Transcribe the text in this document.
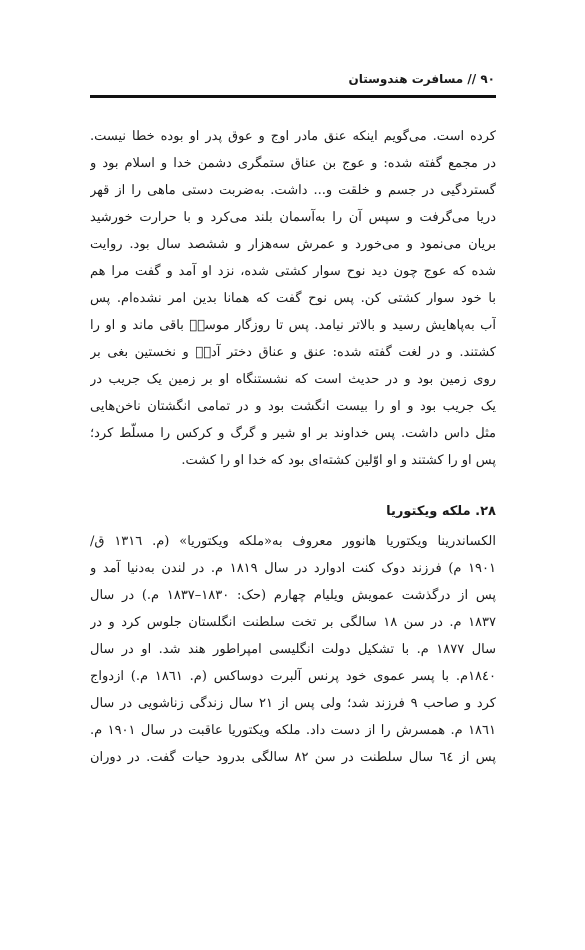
۹۰ // مسافرت هندوستان
کرده است. می‌گویم اینکه عنق مادر اوج و عوق پدر او بوده خطا نیست.
در مجمع گفته شده: و عوج بن عناق ستمگری دشمن خدا و اسلام بود و
گستردگیی در جسم و خلقت و... داشت. به‌ضربت دستی ماهی را از قهر
دریا می‌گرفت و سپس آن را به‌آسمان بلند می‌کرد و با حرارت خورشید
بریان می‌نمود و می‌خورد و عمرش سه‌هزار و ششصد سال بود. روایت
شده که عوج چون دید نوح سوار کشتی شده، نزد او آمد و گفت مرا هم
با خود سوار کشتی کن. پس نوح گفت که همانا بدین امر نشده‌ام. پس
آب به‌پاهایش رسید و بالاتر نیامد. پس تا روزگار موسیؑ باقی ماند و او را
کشتند. و در لغت گفته شده: عنق و عناق دختر آدمؑ و نخستین بغی بر
روی زمین بود و در حدیث است که نشستنگاه او بر زمین یک جریب در
یک جریب بود و او را بیست انگشت بود و در تمامی انگشتان ناخن‌هایی
مثل داس داشت. پس خداوند بر او شیر و گرگ و کرکس را مسلّط کرد؛
پس او را کشتند و او اوّلین کشته‌ای بود که خدا او را کشت.
۲۸. ملکه ویکتوریا
الکساندرینا ویکتوریا هانوور معروف به«ملکه ویکتوریا» (م. ۱۳۱٦ ق/
۱۹۰۱ م) فرزند دوک کنت ادوارد در سال ۱۸۱۹ م. در لندن به‌دنیا آمد و
پس از درگذشت عمویش ویلیام چهارم (حک: ۱۸۳۰–۱۸۳۷ م.) در سال
۱۸۳۷ م. در سن ۱۸ سالگی بر تخت سلطنت انگلستان جلوس کرد و در
سال ۱۸۷۷ م. با تشکیل دولت انگلیسی امپراطور هند شد. او در سال
۱۸٤۰م. با پسر عموی خود پرنس آلبرت دوساکس (م. ۱۸٦۱ م.) ازدواج
کرد و صاحب ۹ فرزند شد؛ ولی پس از ۲۱ سال زندگی زناشویی در سال
۱۸٦۱ م. همسرش را از دست داد. ملکه ویکتوریا عاقبت در سال ۱۹۰۱ م.
پس از ٦٤ سال سلطنت در سن ۸۲ سالگی بدرود حیات گفت. در دوران
